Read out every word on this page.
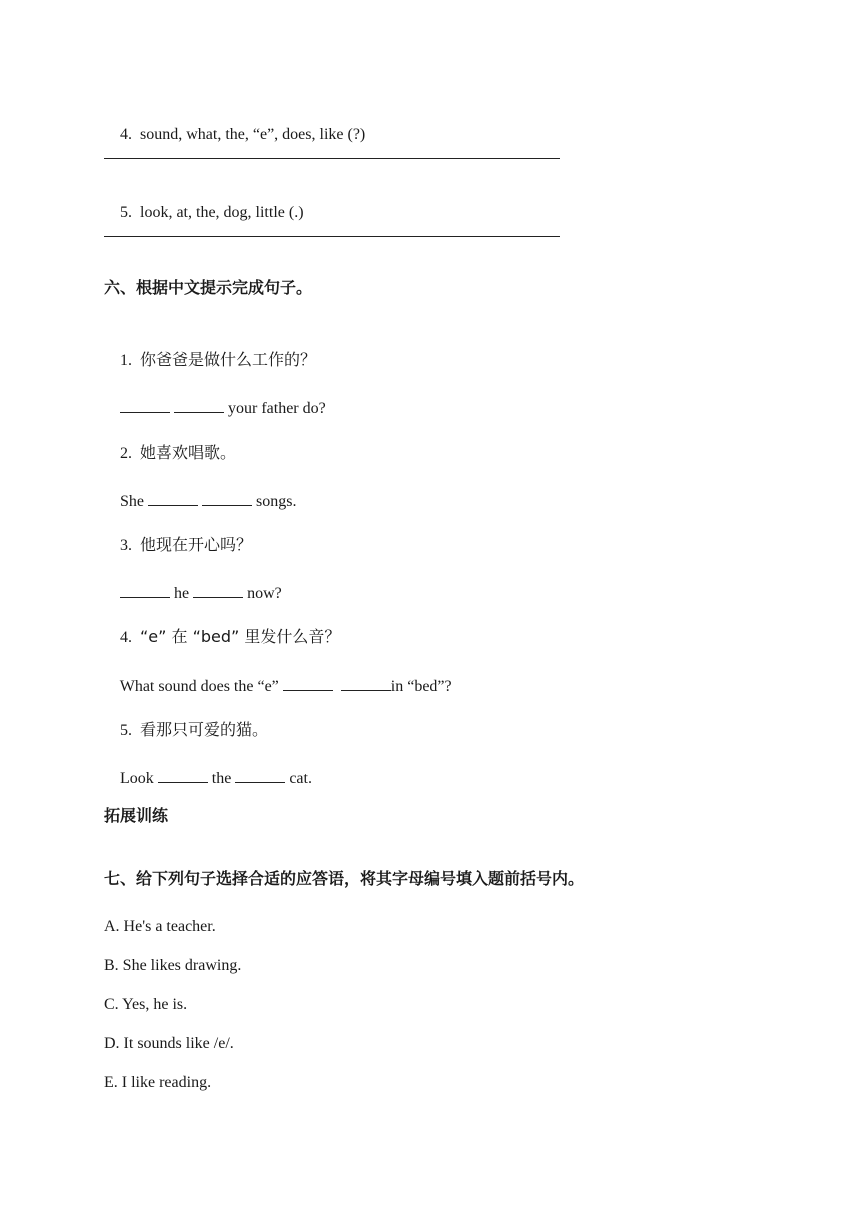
4. sound, what, the, “e”, does, like (?)

5. look, at, the, dog, little (.)

六、根据中文提示完成句子。

1. 你爸爸是做什么工作的？

your father do?

2. 她喜欢唱歌。

She	songs.

3. 他现在开心吗？

he	now?

4. “e” 在 “bed” 里发什么音？

What sound does the “e”	in “bed”?

5. 看那只可爱的猫。

Look	the	cat.

拓展训练
七、给下列句子选择合适的应答语，将其字母编号填入题前括号内。
A. He's a teacher.
B. She likes drawing.
C. Yes, he is.
D. It sounds like /e/.
E. I like reading.
